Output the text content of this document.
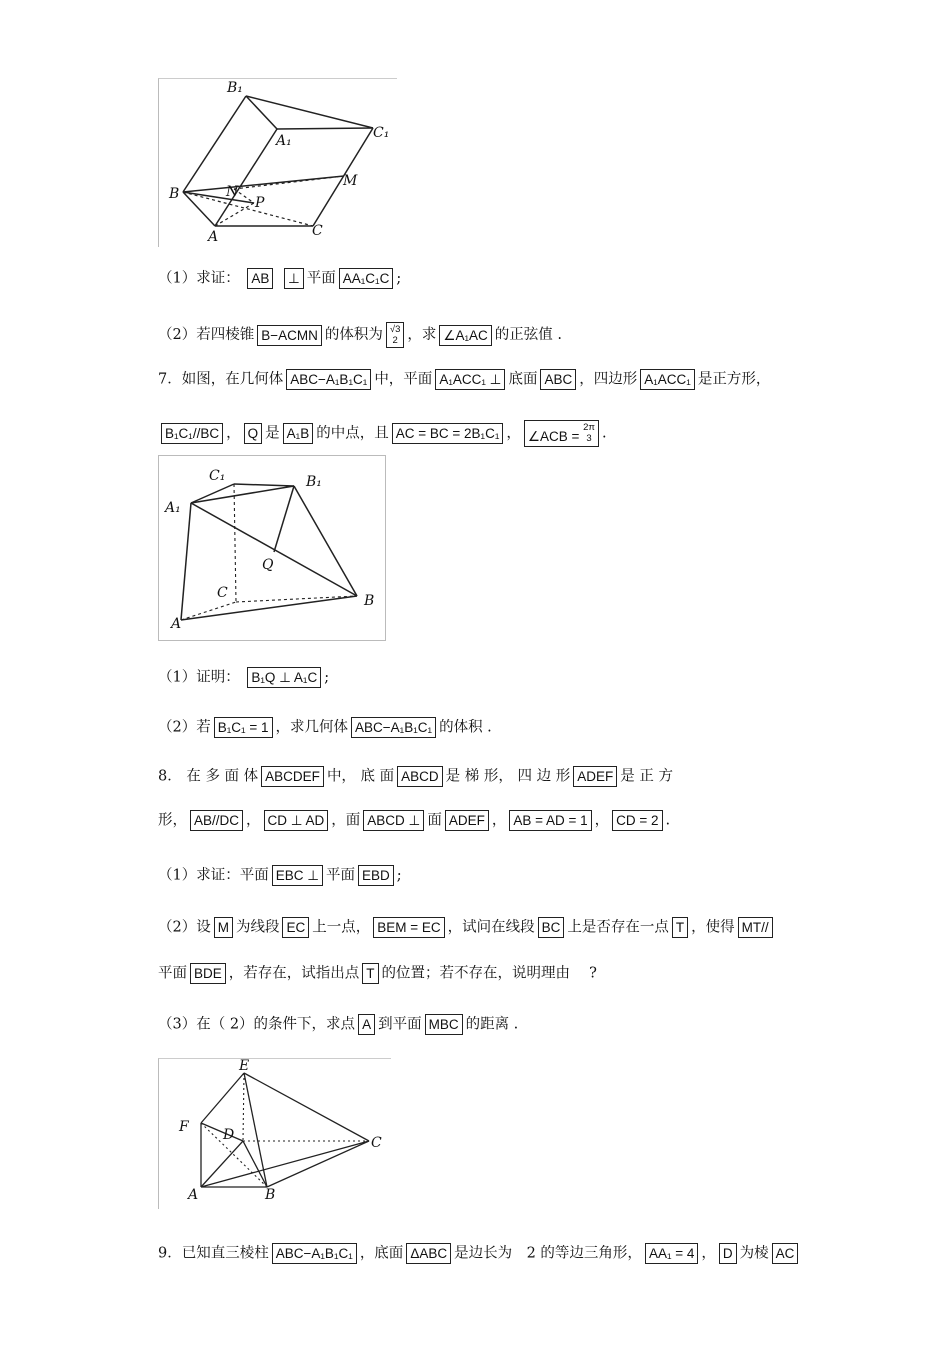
B₁
A₁	C₁
B	N
M
P
A	C
（1）求证： AB ⊥ 平面 AA₁C₁C ;
（2）若四棱锥 B−ACMN 的体积为 √3
2 ，求 ∠A₁AC 的正弦值 .
7．如图，在几何体 ABC−A₁B₁C₁ 中，平面 A₁ACC₁ ⊥ 底面 ABC ，四边形 A₁ACC₁ 是正方形，
B₁C₁//BC ， Q 是 A₁B 的中点，且 AC = BC = 2B₁C₁ ， ∠ACB = 2π
3 .
C₁	B₁
A₁
Q
C	B
A
（1）证明： B₁Q ⊥ A₁C ;
（2）若 B₁C₁ = 1 ，求几何体 ABC−A₁B₁C₁ 的体积 .
8． 在 多 面 体 ABCDEF 中， 底 面 ABCD 是 梯 形， 四 边 形 ADEF 是 正 方
形， AB//DC ， CD ⊥ AD ，面 ABCD ⊥ 面 ADEF ， AB = AD = 1 ， CD = 2 .
（1）求证：平面 EBC ⊥ 平面 EBD ;
（2）设 M 为线段 EC 上一点， BEM = EC ，试问在线段 BC 上是否存在一点 T ，使得 MT//
平面 BDE ，若存在，试指出点 T 的位置；若不存在，说明理由　 ?
（3）在（ 2）的条件下，求点 A 到平面 MBC 的距离 .
E
F D	C
A	B
9．已知直三棱柱 ABC−A₁B₁C₁ ，底面 ΔABC 是边长为　2 的等边三角形， AA₁ = 4 ， D 为棱 AC
